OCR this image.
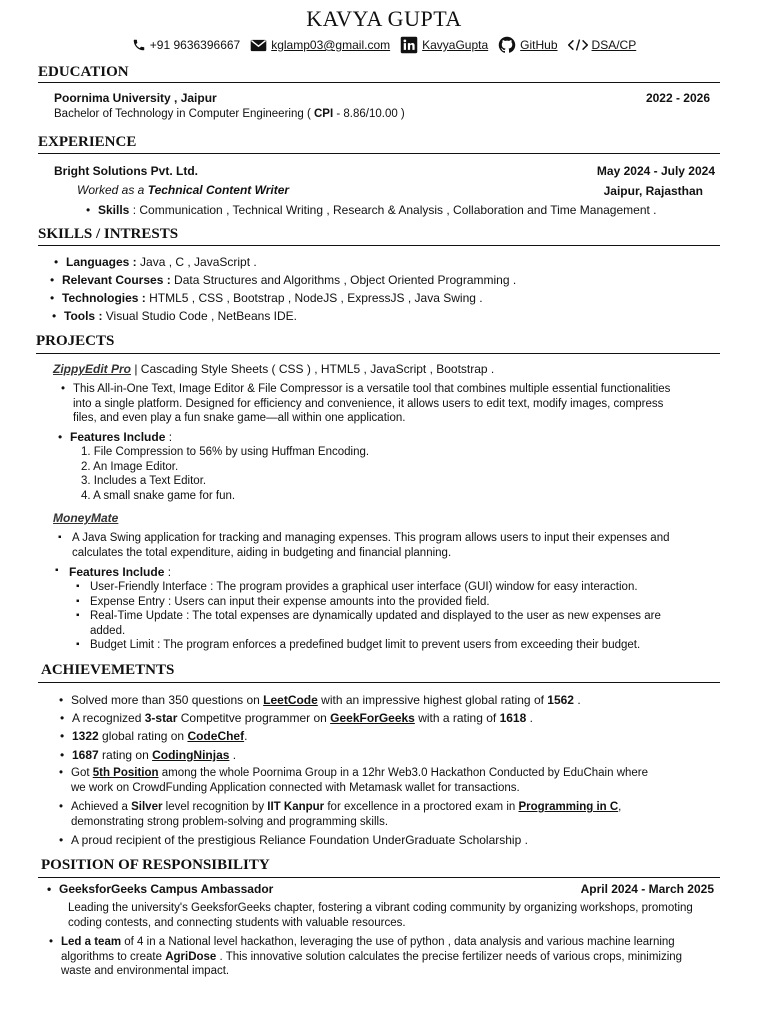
KAVYA GUPTA
+91 9636396667	kglamp03@gmail.com	KavyaGupta	GitHub	DSA/CP
EDUCATION
Poornima University , Jaipur	2022 - 2026
Bachelor of Technology in Computer Engineering ( CPI - 8.86/10.00 )
EXPERIENCE
Bright Solutions Pvt. Ltd.	May 2024 - July 2024
Worked as a Technical Content Writer	Jaipur, Rajasthan
Skills : Communication , Technical Writing , Research & Analysis , Collaboration and Time Management .
SKILLS / INTRESTS
• Languages : Java , C , JavaScript .
• Relevant Courses : Data Structures and Algorithms , Object Oriented Programming .
• Technologies : HTML5 , CSS , Bootstrap , NodeJS , ExpressJS , Java Swing .
• Tools : Visual Studio Code , NetBeans IDE.
PROJECTS
ZippyEdit Pro | Cascading Style Sheets ( CSS ) , HTML5 , JavaScript , Bootstrap .
• This All-in-One Text, Image Editor & File Compressor is a versatile tool that combines multiple essential functionalities
into a single platform. Designed for efficiency and convenience, it allows users to edit text, modify images, compress
files, and even play a fun snake game—all within one application.
• Features Include :
1. File Compression to 56% by using Huffman Encoding.
2. An Image Editor.
3. Includes a Text Editor.
4. A small snake game for fun.
MoneyMate
▪ A Java Swing application for tracking and managing expenses. This program allows users to input their expenses and
calculates the total expenditure, aiding in budgeting and financial planning.
▪ Features Include :
▪ User-Friendly Interface : The program provides a graphical user interface (GUI) window for easy interaction.
▪ Expense Entry : Users can input their expense amounts into the provided field.
▪ Real-Time Update : The total expenses are dynamically updated and displayed to the user as new expenses are
added.
▪ Budget Limit : The program enforces a predefined budget limit to prevent users from exceeding their budget.
ACHIEVEMETNTS
• Solved more than 350 questions on LeetCode with an impressive highest global rating of 1562 .
• A recognized 3-star Competitve programmer on GeekForGeeks with a rating of 1618 .
• 1322 global rating on CodeChef.
• 1687 rating on CodingNinjas .
• Got 5th Position among the whole Poornima Group in a 12hr Web3.0 Hackathon Conducted by EduChain where
we work on CrowdFunding Application connected with Metamask wallet for transactions.
• Achieved a Silver level recognition by IIT Kanpur for excellence in a proctored exam in Programming in C,
demonstrating strong problem-solving and programming skills.
• A proud recipient of the prestigious Reliance Foundation UnderGraduate Scholarship .
POSITION OF RESPONSIBILITY
• GeeksforGeeks Campus Ambassador	April 2024 - March 2025
Leading the university's GeeksforGeeks chapter, fostering a vibrant coding community by organizing workshops, promoting
coding contests, and connecting students with valuable resources.
• Led a team of 4 in a National level hackathon, leveraging the use of python , data analysis and various machine learning
algorithms to create AgriDose . This innovative solution calculates the precise fertilizer needs of various crops, minimizing
waste and environmental impact.
